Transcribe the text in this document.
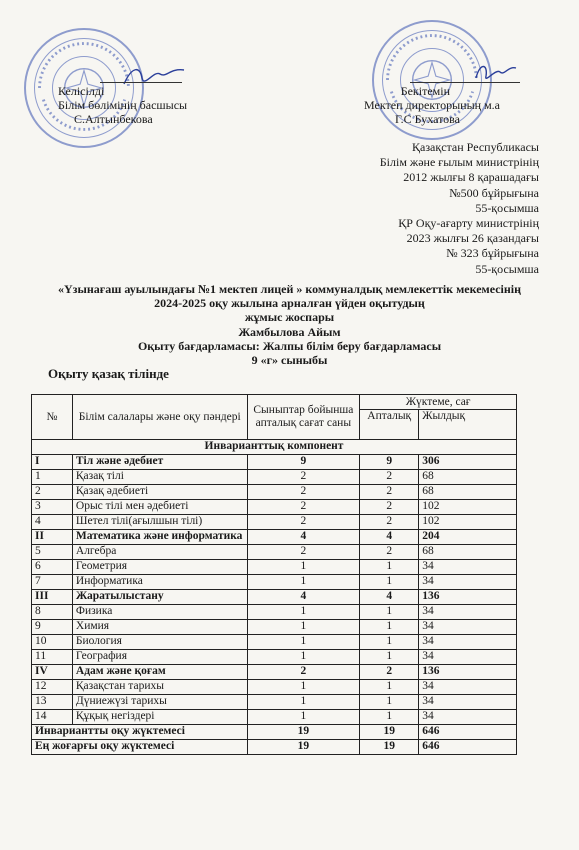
Келісілді
Білім бөлімінің басшысы
С.Алтынбекова
Бекітемін
Мектеп директорының м.а
Г.С Бухатова
Қазақстан Республикасы
Білім және ғылым министрінің
2012 жылғы 8 қарашадағы
№500 бұйрығына
55-қосымша
ҚР Оқу-ағарту министрінің
2023 жылғы 26 қазандағы
№ 323 бұйрығына
55-қосымша
«Үзынағаш ауылындағы №1 мектеп лицей » коммуналдық мемлекеттік мекемесінің
2024-2025 оқу жылына арналған үйден оқытудың
жұмыс жоспары
Жамбылова Айым
Оқыту бағдарламасы: Жалпы білім беру бағдарламасы
9 «г» сыныбы
Оқыту қазақ тілінде
№	Білім салалары және оқу пәндері	Сыныптар бойынша апталық сағат саны	Жүктеме, сағ	
			Апталық	Жылдық
Инварианттық компонент				
I	Тіл және әдебиет	9	9	306
1	Қазақ тілі	2	2	68
2	Қазақ әдебиеті	2	2	68
3	Орыс тілі мен әдебиеті	2	2	102
4	Шетел тілі(ағылшын тілі)	2	2	102
II	Математика және информатика	4	4	204
5	Алгебра	2	2	68
6	Геометрия	1	1	34
7	Информатика	1	1	34
III	Жаратылыстану	4	4	136
8	Физика	1	1	34
9	Химия	1	1	34
10	Биология	1	1	34
11	География	1	1	34
IV	Адам және қоғам	2	2	136
12	Қазақстан тарихы	1	1	34
13	Дүниежүзі тарихы	1	1	34
14	Құқық негіздері	1	1	34
Инвариантты оқу жүктемесі		19	19	646
Ең жоғарғы оқу жүктемесі		19	19	646
